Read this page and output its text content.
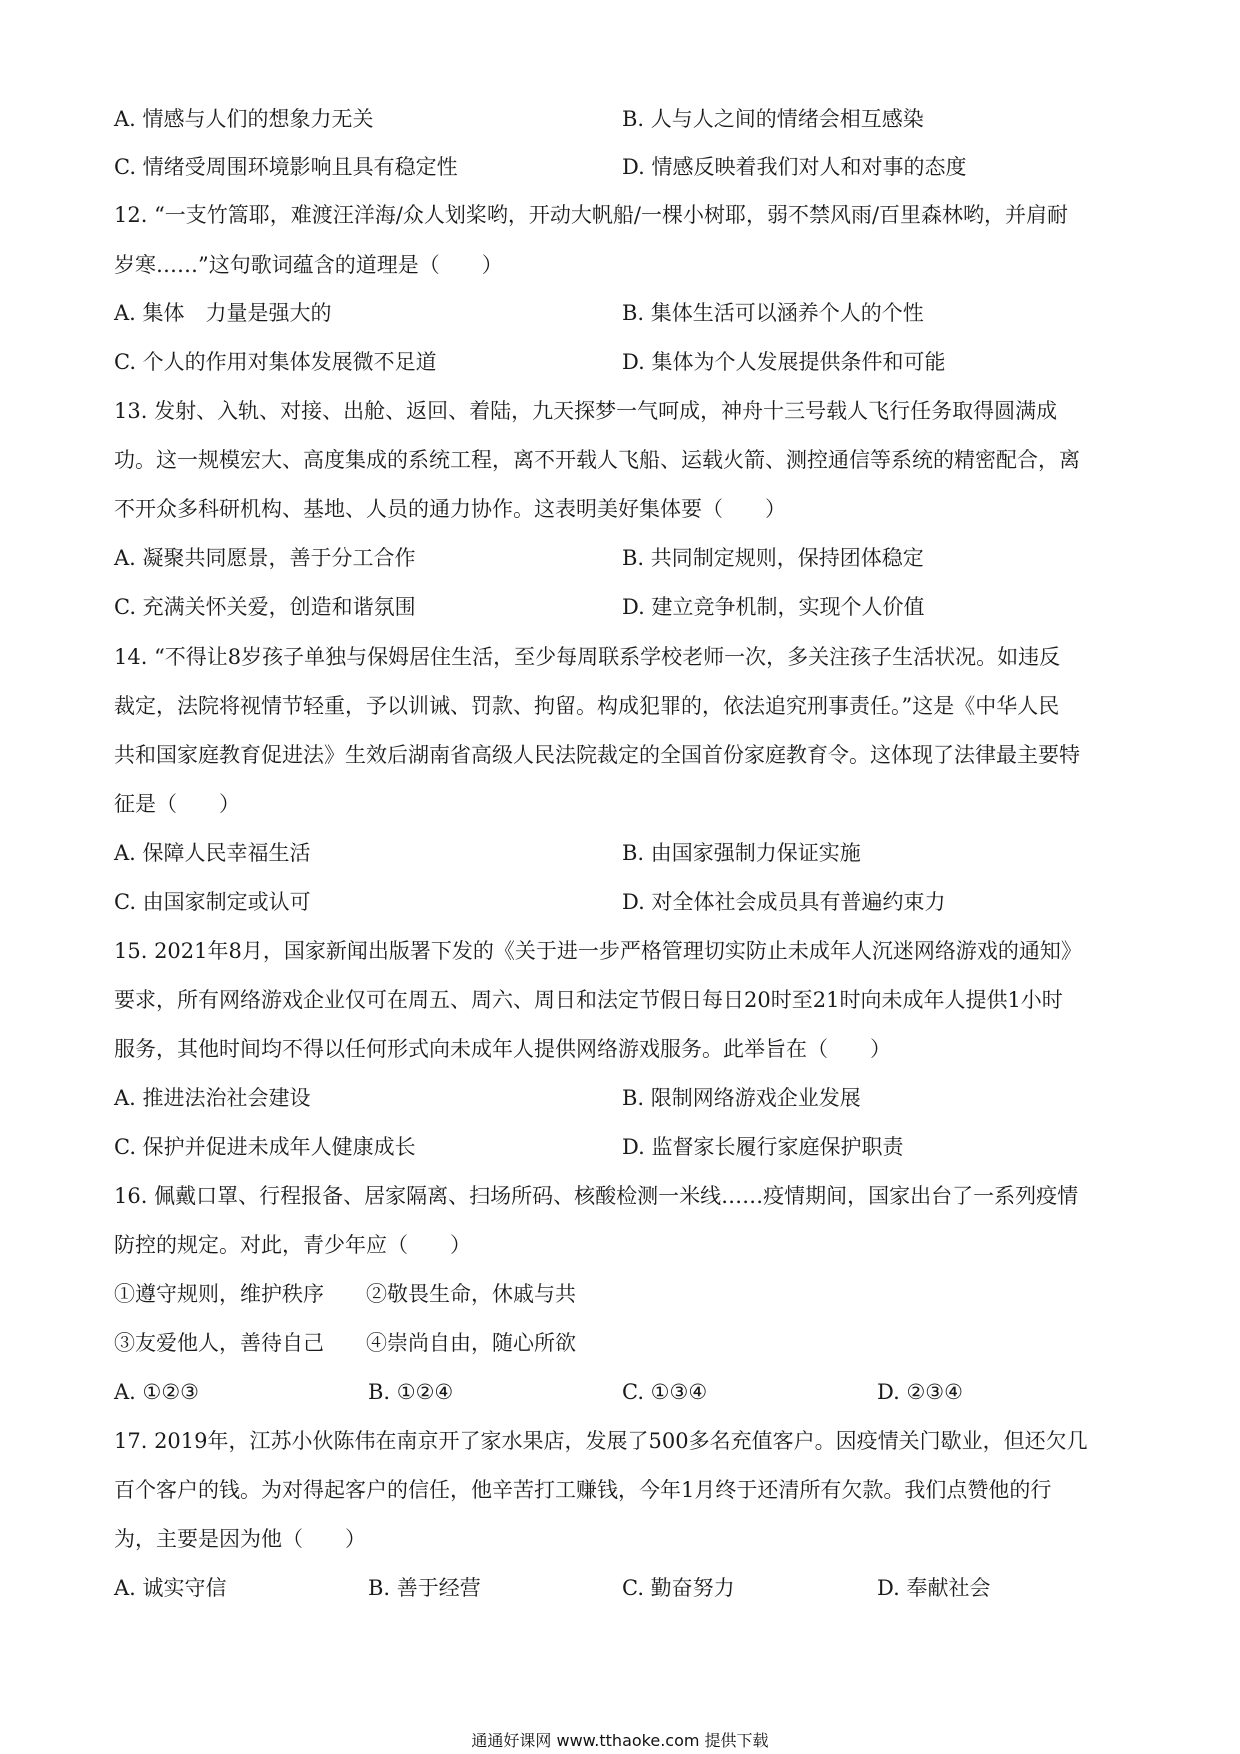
A. 情感与人们的想象力无关	B. 人与人之间的情绪会相互感染
C. 情绪受周围环境影响且具有稳定性	D. 情感反映着我们对人和对事的态度
12. “一支竹篙耶，难渡汪洋海/众人划桨哟，开动大帆船/一棵小树耶，弱不禁风雨/百里森林哟，并肩耐
岁寒……”这句歌词蕴含的道理是（　　）
A. 集体　力量是强大的	B. 集体生活可以涵养个人的个性
C. 个人的作用对集体发展微不足道	D. 集体为个人发展提供条件和可能
13. 发射、入轨、对接、出舱、返回、着陆，九天探梦一气呵成，神舟十三号载人飞行任务取得圆满成
功。这一规模宏大、高度集成的系统工程，离不开载人飞船、运载火箭、测控通信等系统的精密配合，离
不开众多科研机构、基地、人员的通力协作。这表明美好集体要（　　）
A. 凝聚共同愿景，善于分工合作	B. 共同制定规则，保持团体稳定
C. 充满关怀关爱，创造和谐氛围	D. 建立竞争机制，实现个人价值
14. “不得让8岁孩子单独与保姆居住生活，至少每周联系学校老师一次，多关注孩子生活状况。如违反
裁定，法院将视情节轻重，予以训诫、罚款、拘留。构成犯罪的，依法追究刑事责任。”这是《中华人民
共和国家庭教育促进法》生效后湖南省高级人民法院裁定的全国首份家庭教育令。这体现了法律最主要特
征是（　　）
A. 保障人民幸福生活	B. 由国家强制力保证实施
C. 由国家制定或认可	D. 对全体社会成员具有普遍约束力
15. 2021年8月，国家新闻出版署下发的《关于进一步严格管理切实防止未成年人沉迷网络游戏的通知》
要求，所有网络游戏企业仅可在周五、周六、周日和法定节假日每日20时至21时向未成年人提供1小时
服务，其他时间均不得以任何形式向未成年人提供网络游戏服务。此举旨在（　　）
A. 推进法治社会建设	B. 限制网络游戏企业发展
C. 保护并促进未成年人健康成长	D. 监督家长履行家庭保护职责
16. 佩戴口罩、行程报备、居家隔离、扫场所码、核酸检测一米线……疫情期间，国家出台了一系列疫情
防控的规定。对此，青少年应（　　）
①遵守规则，维护秩序　　②敬畏生命，休戚与共
③友爱他人，善待自己　　④崇尚自由，随心所欲
A. ①②③	B. ①②④	C. ①③④	D. ②③④
17. 2019年，江苏小伙陈伟在南京开了家水果店，发展了500多名充值客户。因疫情关门歇业，但还欠几
百个客户的钱。为对得起客户的信任，他辛苦打工赚钱，今年1月终于还清所有欠款。我们点赞他的行
为，主要是因为他（　　）
A. 诚实守信	B. 善于经营	C. 勤奋努力	D. 奉献社会
通通好课网 www.tthaoke.com 提供下载
